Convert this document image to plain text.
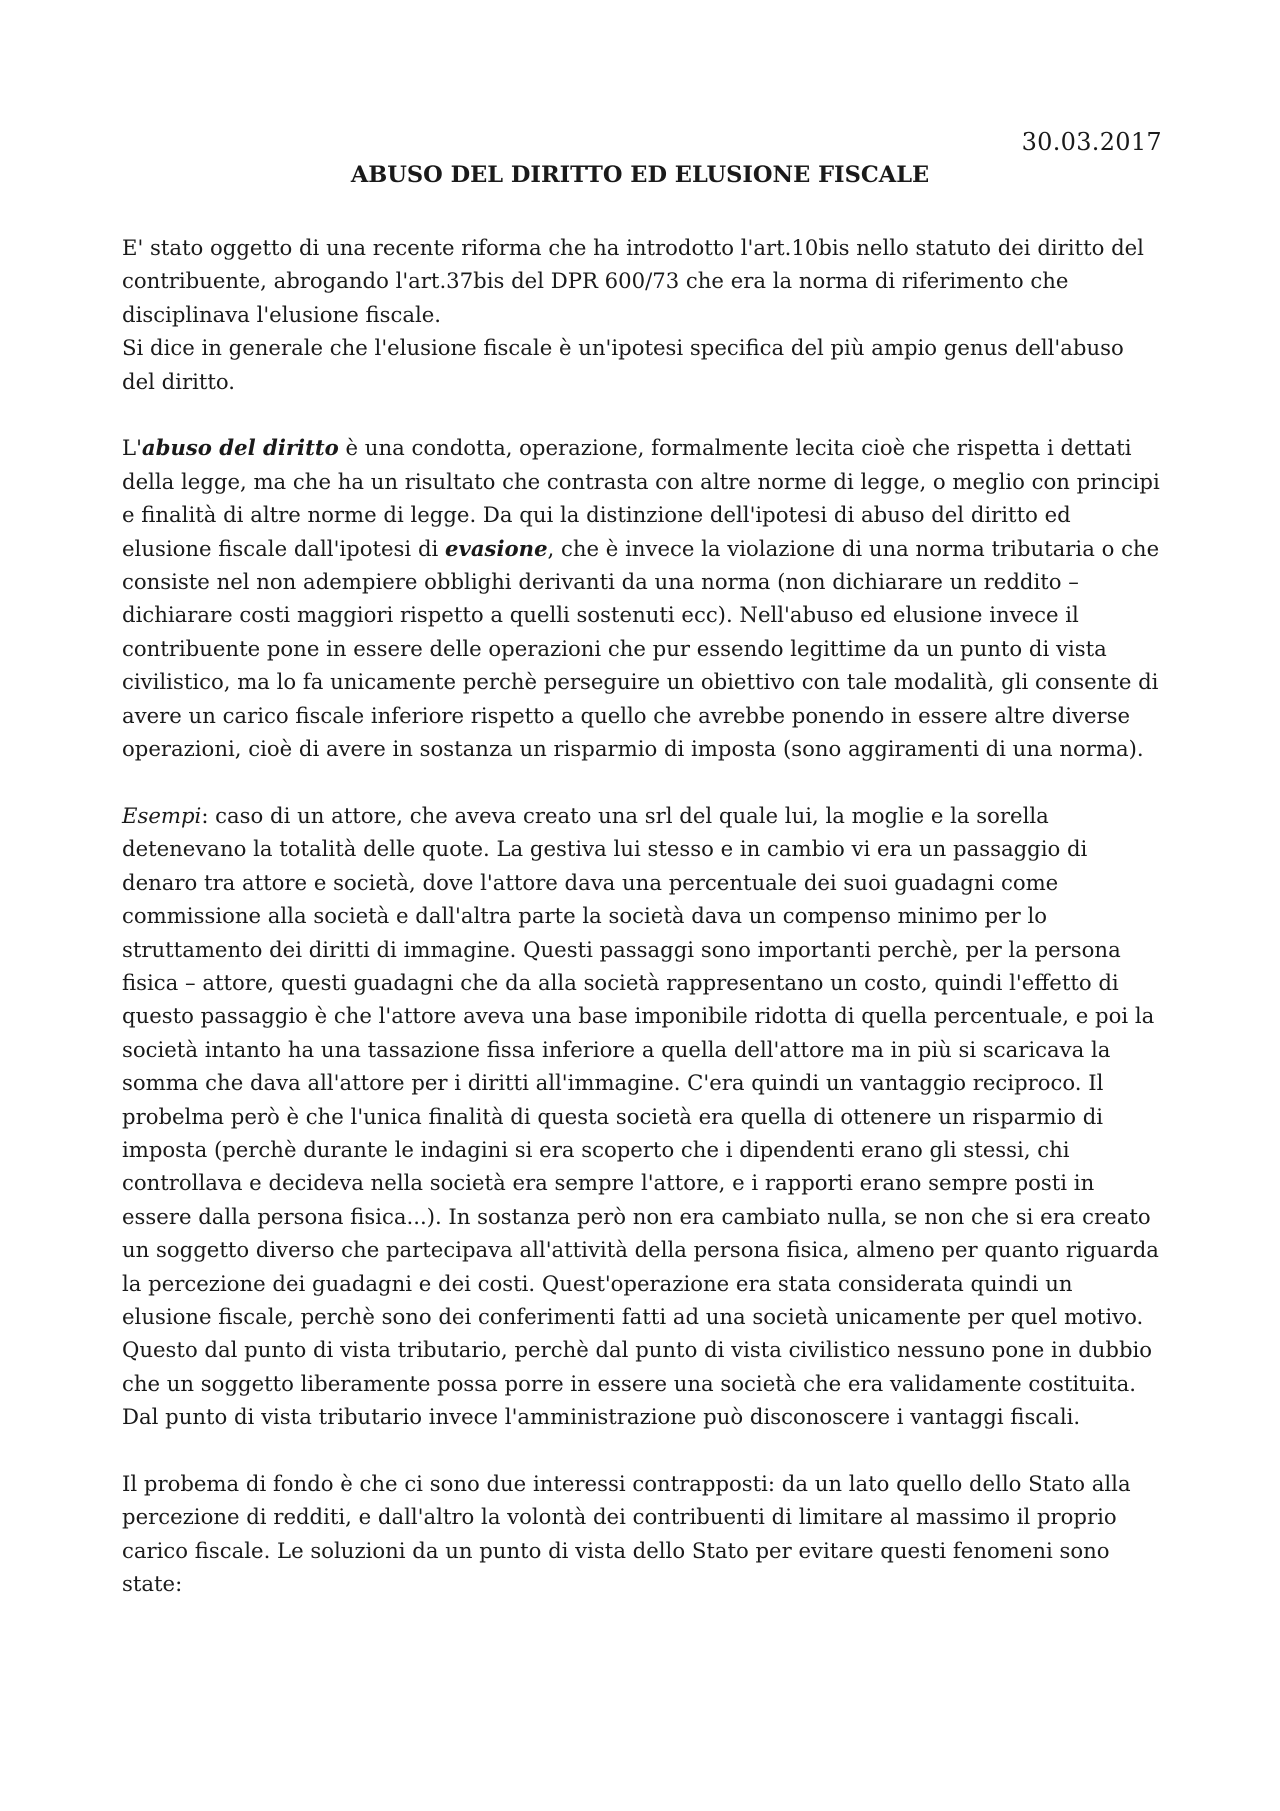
30.03.2017
ABUSO DEL DIRITTO ED ELUSIONE FISCALE

E' stato oggetto di una recente riforma che ha introdotto l'art.10bis nello statuto dei diritto del contribuente, abrogando l'art.37bis del DPR 600/73 che era la norma di riferimento che disciplinava l'elusione fiscale.

Si dice in generale che l'elusione fiscale è un'ipotesi specifica del più ampio genus dell'abuso del diritto.

L'abuso del diritto è una condotta, operazione, formalmente lecita cioè che rispetta i dettati della legge, ma che ha un risultato che contrasta con altre norme di legge, o meglio con principi e finalità di altre norme di legge. Da qui la distinzione dell'ipotesi di abuso del diritto ed elusione fiscale dall'ipotesi di evasione, che è invece la violazione di una norma tributaria o che consiste nel non adempiere obblighi derivanti da una norma (non dichiarare un reddito – dichiarare costi maggiori rispetto a quelli sostenuti ecc). Nell'abuso ed elusione invece il contribuente pone in essere delle operazioni che pur essendo legittime da un punto di vista civilistico, ma lo fa unicamente perchè perseguire un obiettivo con tale modalità, gli consente di avere un carico fiscale inferiore rispetto a quello che avrebbe ponendo in essere altre diverse operazioni, cioè di avere in sostanza un risparmio di imposta (sono aggiramenti di una norma).

Esempi: caso di un attore, che aveva creato una srl del quale lui, la moglie e la sorella detenevano la totalità delle quote. La gestiva lui stesso e in cambio vi era un passaggio di denaro tra attore e società, dove l'attore dava una percentuale dei suoi guadagni come commissione alla società e dall'altra parte la società dava un compenso minimo per lo struttamento dei diritti di immagine. Questi passaggi sono importanti perchè, per la persona fisica – attore, questi guadagni che da alla società rappresentano un costo, quindi l'effetto di questo passaggio è che l'attore aveva una base imponibile ridotta di quella percentuale, e poi la società intanto ha una tassazione fissa inferiore a quella dell'attore ma in più si scaricava la somma che dava all'attore per i diritti all'immagine. C'era quindi un vantaggio reciproco. Il probelma però è che l'unica finalità di questa società era quella di ottenere un risparmio di imposta (perchè durante le indagini si era scoperto che i dipendenti erano gli stessi, chi controllava e decideva nella società era sempre l'attore, e i rapporti erano sempre posti in essere dalla persona fisica...). In sostanza però non era cambiato nulla, se non che si era creato un soggetto diverso che partecipava all'attività della persona fisica, almeno per quanto riguarda la percezione dei guadagni e dei costi. Quest'operazione era stata considerata quindi un elusione fiscale, perchè sono dei conferimenti fatti ad una società unicamente per quel motivo. Questo dal punto di vista tributario, perchè dal punto di vista civilistico nessuno pone in dubbio che un soggetto liberamente possa porre in essere una società che era validamente costituita. Dal punto di vista tributario invece l'amministrazione può disconoscere i vantaggi fiscali.

Il probema di fondo è che ci sono due interessi contrapposti: da un lato quello dello Stato alla percezione di redditi, e dall'altro la volontà dei contribuenti di limitare al massimo il proprio carico fiscale. Le soluzioni da un punto di vista dello Stato per evitare questi fenomeni sono state:
